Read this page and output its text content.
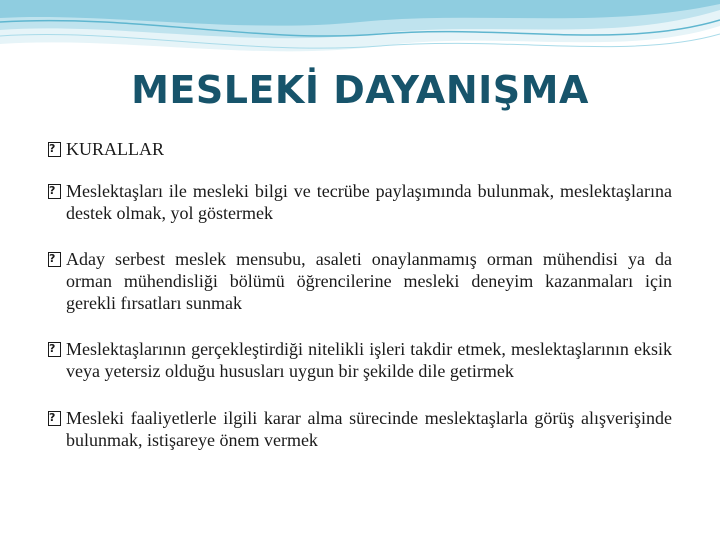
MESLEKİ DAYANIŞMA
? KURALLAR
? Meslektaşları ile mesleki bilgi ve tecrübe paylaşımında bulunmak, meslektaşlarına destek olmak, yol göstermek
? Aday serbest meslek mensubu, asaleti onaylanmamış orman mühendisi ya da orman mühendisliği bölümü öğrencilerine mesleki deneyim kazanmaları için gerekli fırsatları sunmak
? Meslektaşlarının gerçekleştirdiği nitelikli işleri takdir etmek, meslektaşlarının eksik veya yetersiz olduğu hususları uygun bir şekilde dile getirmek
? Mesleki faaliyetlerle ilgili karar alma sürecinde meslektaşlarla görüş alışverişinde bulunmak, istişareye önem vermek
